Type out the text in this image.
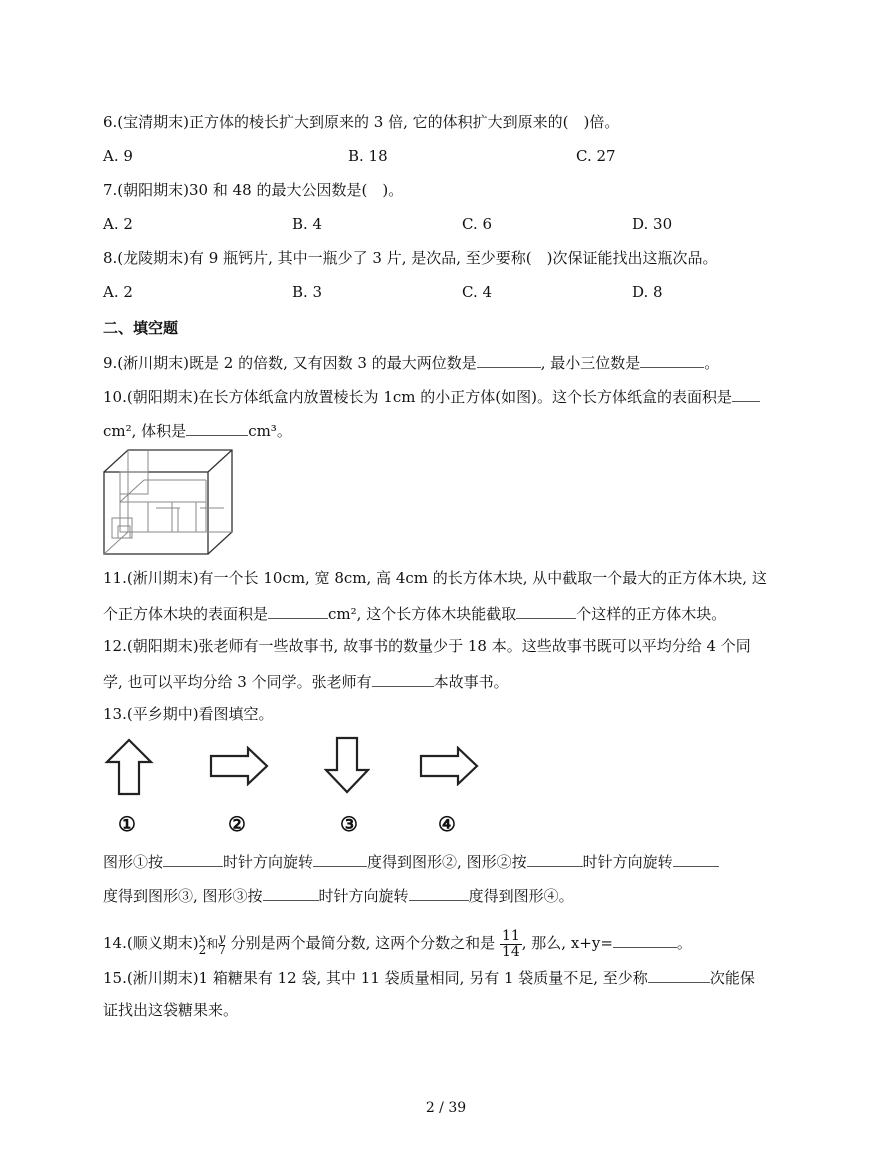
6.(宝清期末)正方体的棱长扩大到原来的 3 倍, 它的体积扩大到原来的(  )倍。
A. 9	B. 18	C. 27
7.(朝阳期末)30 和 48 的最大公因数是(  )。
A. 2	B. 4	C. 6	D. 30
8.(龙陵期末)有 9 瓶钙片, 其中一瓶少了 3 片, 是次品, 至少要称(  )次保证能找出这瓶次品。
A. 2	B. 3	C. 4	D. 8
二、填空题
9.(淅川期末)既是 2 的倍数, 又有因数 3 的最大两位数是	, 最小三位数是	。
10.(朝阳期末)在长方体纸盒内放置棱长为 1cm 的小正方体(如图)。这个长方体纸盒的表面积是
cm², 体积是	cm³。
11.(淅川期末)有一个长 10cm, 宽 8cm, 高 4cm 的长方体木块, 从中截取一个最大的正方体木块, 这
个正方体木块的表面积是	cm², 这个长方体木块能截取	个这样的正方体木块。
12.(朝阳期末)张老师有一些故事书, 故事书的数量少于 18 本。这些故事书既可以平均分给 4 个同
学, 也可以平均分给 3 个同学。张老师有	本故事书。
13.(平乡期中)看图填空。
①	②	③	④
图形①按	时针方向旋转	度得到图形②, 图形②按	时针方向旋转
度得到图形③, 图形③按	时针方向旋转	度得到图形④。
14.(顺义期末) x
2 和 y
7 分别是两个最简分数, 这两个分数之和是 $\frac{11}{14}$ , 那么, x+y=	。
15.(淅川期末)1 箱糖果有 12 袋, 其中 11 袋质量相同, 另有 1 袋质量不足, 至少称	次能保
证找出这袋糖果来。
2 / 39
